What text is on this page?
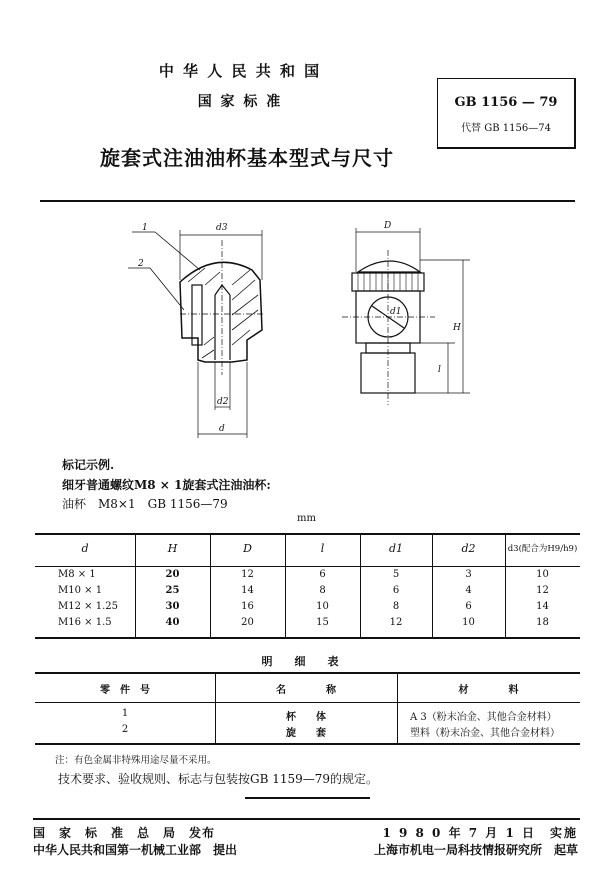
中 华 人 民 共 和 国
国 家 标 准
旋套式注油油杯基本型式与尺寸
GB 1156 — 79
代替 GB 1156—74
1
2
d3
d2
d
D
H
l
d1
标记示例.
细牙普通螺纹M8 × 1旋套式注油油杯:
油杯　M8×1　GB 1156—79
mm
d	H	D	l	d1	d2	d3(配合为H9/h9)
M8 × 1	20	12	6	5	3	10
M10 × 1	25	14	8	6	4	12
M12 × 1.25	30	16	10	8	6	14
M16 × 1.5	40	20	15	12	10	18
明　　细　　表
零　件　号	名　　　　称	材　　　　料
1	杯　　体	A 3（粉末冶金、其他合金材料）
2	旋　　套	塑料（粉末冶金、其他合金材料）
注：有色金属非特殊用途尽量不采用。
技术要求、验收规则、标志与包装按GB 1159—79的规定。
国　家　标　准　总　局　发布
中华人民共和国第一机械工业部　提出
1 9 8 0 年 7 月 1 日　实施
上海市机电一局科技情报研究所　起草
